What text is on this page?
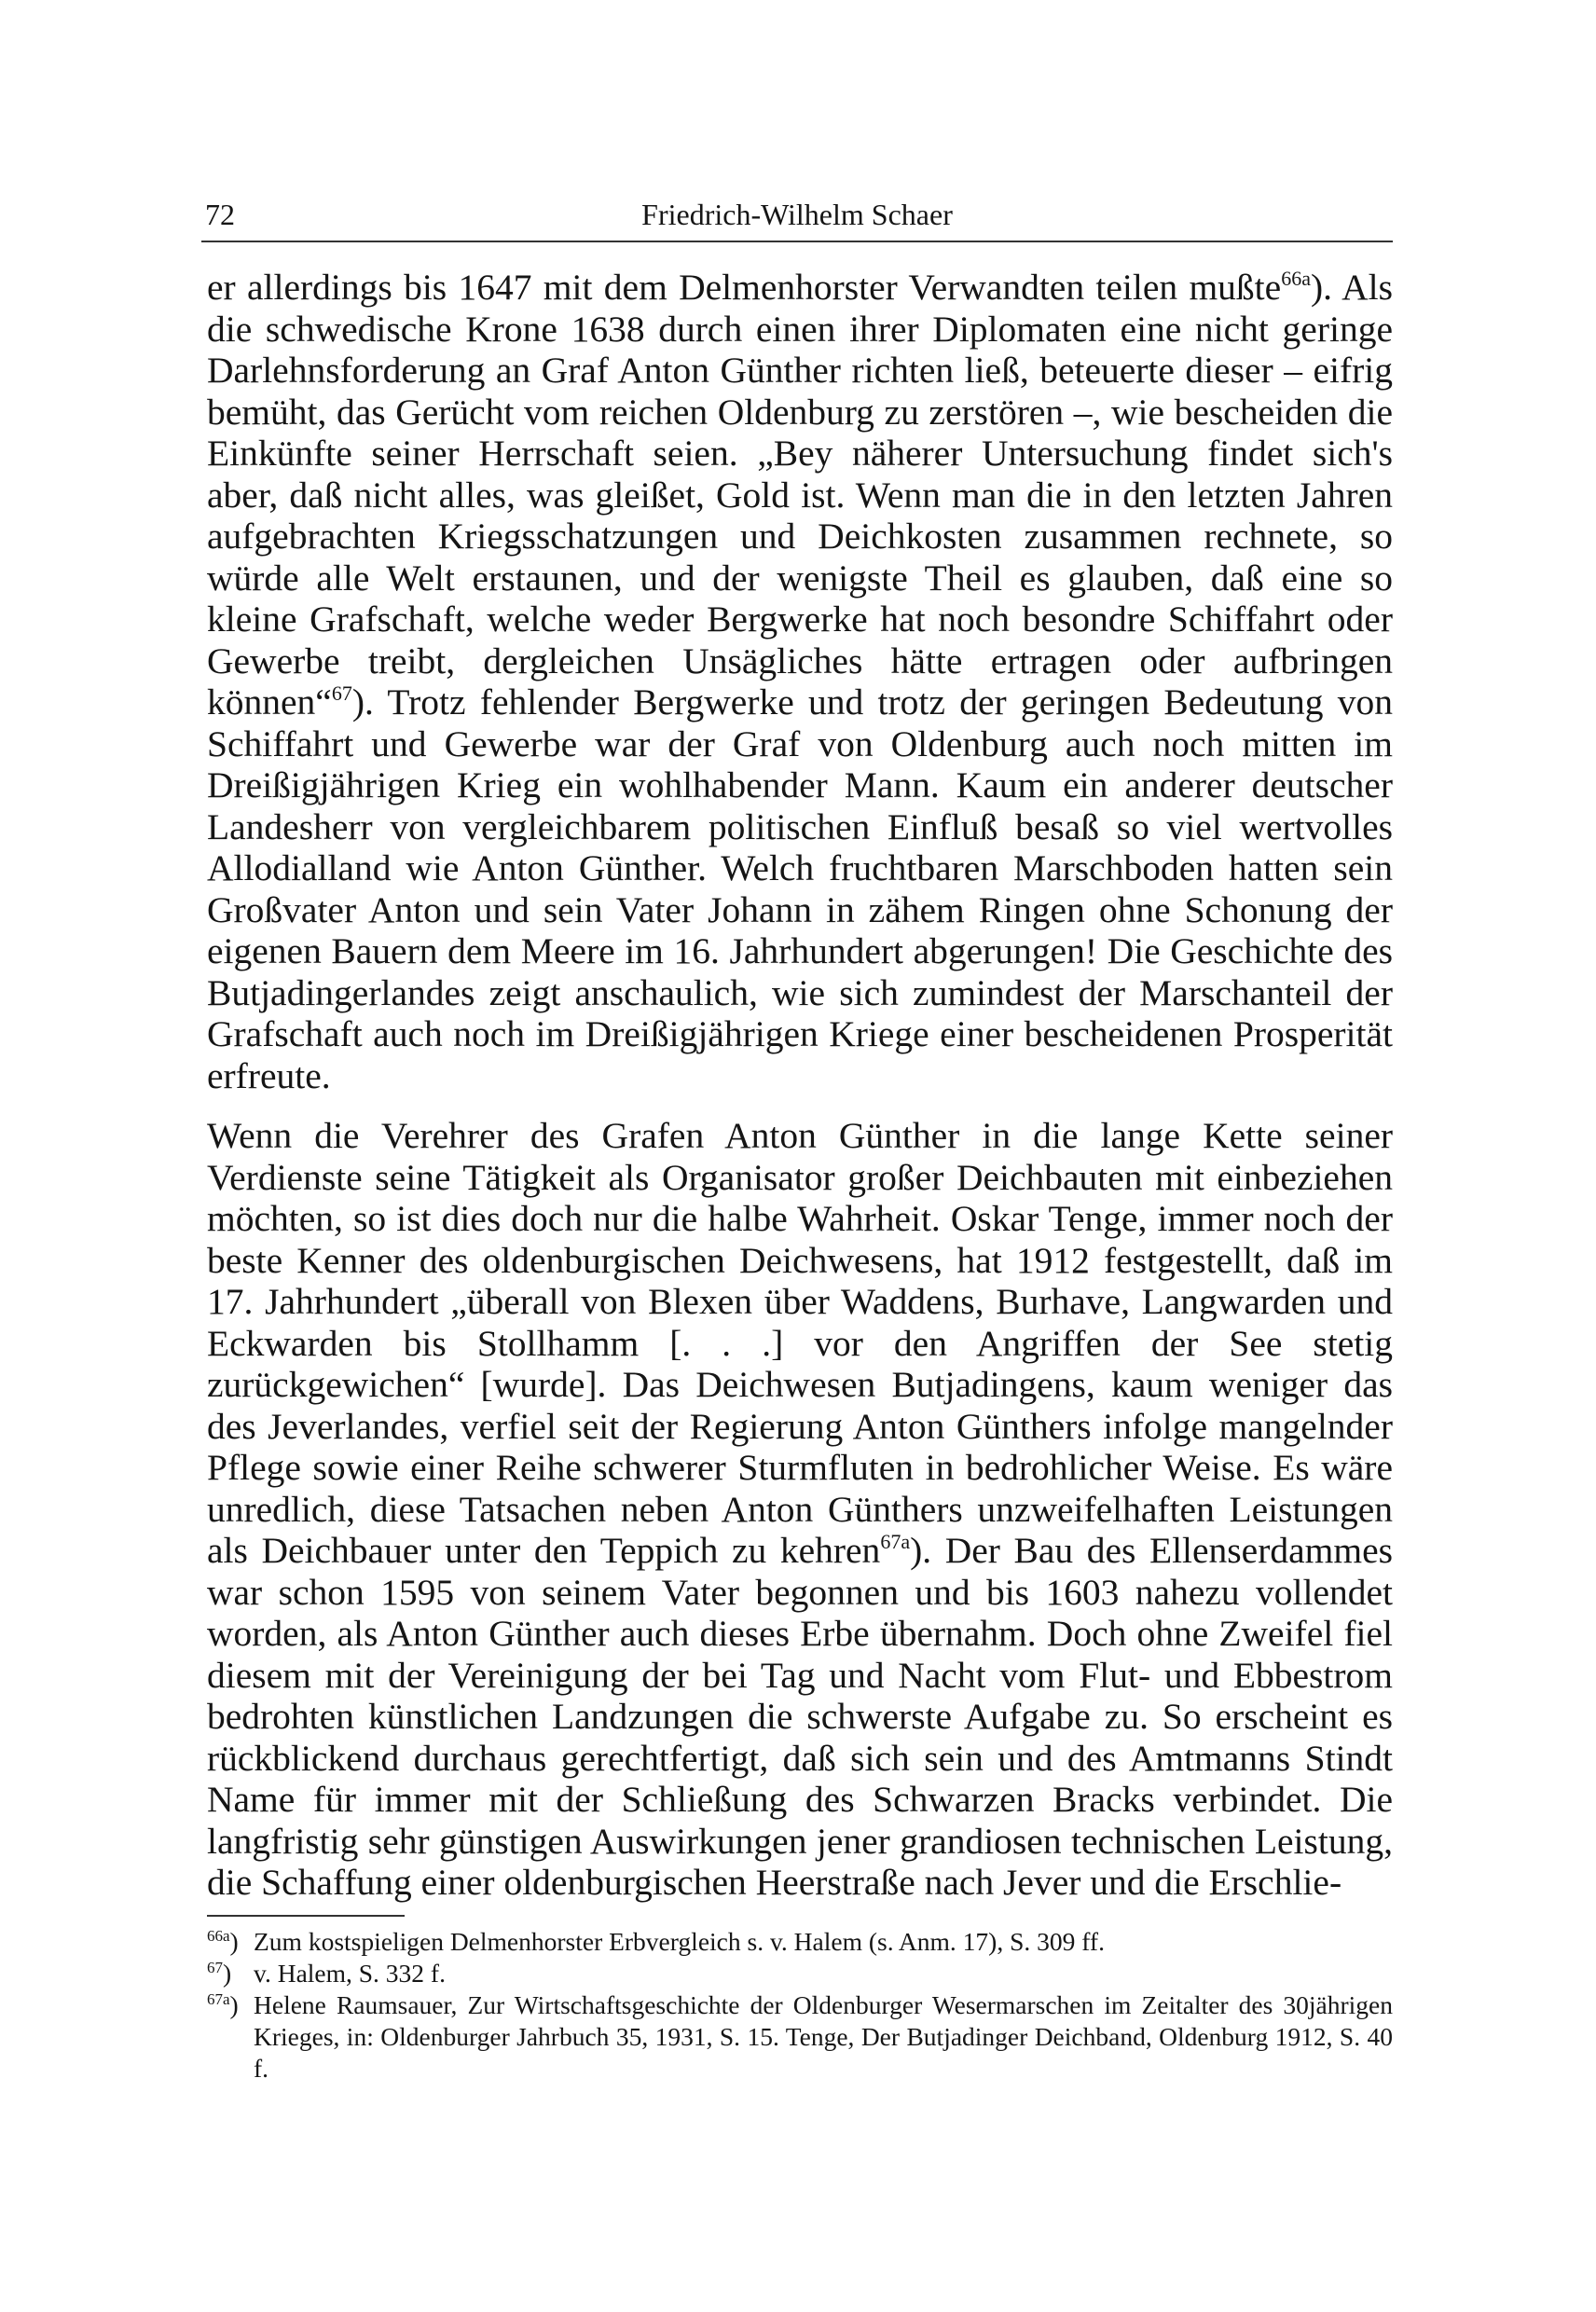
72	Friedrich-Wilhelm Schaer

er allerdings bis 1647 mit dem Delmenhorster Verwandten teilen mußte$^{66a}$). Als die schwedische Krone 1638 durch einen ihrer Diplomaten eine nicht geringe Darlehnsforderung an Graf Anton Günther richten ließ, beteuerte dieser – eifrig bemüht, das Gerücht vom reichen Oldenburg zu zerstören –, wie bescheiden die Einkünfte seiner Herrschaft seien. „Bey näherer Untersuchung findet sich's aber, daß nicht alles, was gleißet, Gold ist. Wenn man die in den letzten Jahren aufgebrachten Kriegsschatzungen und Deichkosten zusammen rechnete, so würde alle Welt erstaunen, und der wenigste Theil es glauben, daß eine so kleine Grafschaft, welche weder Bergwerke hat noch besondre Schiffahrt oder Gewerbe treibt, dergleichen Unsägliches hätte ertragen oder aufbringen können“$^{67}$). Trotz fehlender Bergwerke und trotz der geringen Bedeutung von Schiffahrt und Gewerbe war der Graf von Oldenburg auch noch mitten im Dreißigjährigen Krieg ein wohlhabender Mann. Kaum ein anderer deutscher Landesherr von vergleichbarem politischen Einfluß besaß so viel wertvolles Allodialland wie Anton Günther. Welch fruchtbaren Marschboden hatten sein Großvater Anton und sein Vater Johann in zähem Ringen ohne Schonung der eigenen Bauern dem Meere im 16. Jahrhundert abgerungen! Die Geschichte des Butjadingerlandes zeigt anschaulich, wie sich zumindest der Marschanteil der Grafschaft auch noch im Dreißigjährigen Kriege einer bescheidenen Prosperität erfreute.

Wenn die Verehrer des Grafen Anton Günther in die lange Kette seiner Verdienste seine Tätigkeit als Organisator großer Deichbauten mit einbeziehen möchten, so ist dies doch nur die halbe Wahrheit. Oskar Tenge, immer noch der beste Kenner des oldenburgischen Deichwesens, hat 1912 festgestellt, daß im 17. Jahrhundert „überall von Blexen über Waddens, Burhave, Langwarden und Eckwarden bis Stollhamm [. . .] vor den Angriffen der See stetig zurückgewichen“ [wurde]. Das Deichwesen Butjadingens, kaum weniger das des Jeverlandes, verfiel seit der Regierung Anton Günthers infolge mangelnder Pflege sowie einer Reihe schwerer Sturmfluten in bedrohlicher Weise. Es wäre unredlich, diese Tatsachen neben Anton Günthers unzweifelhaften Leistungen als Deichbauer unter den Teppich zu kehren$^{67a}$). Der Bau des Ellenserdammes war schon 1595 von seinem Vater begonnen und bis 1603 nahezu vollendet worden, als Anton Günther auch dieses Erbe übernahm. Doch ohne Zweifel fiel diesem mit der Vereinigung der bei Tag und Nacht vom Flut- und Ebbestrom bedrohten künstlichen Landzungen die schwerste Aufgabe zu. So erscheint es rückblickend durchaus gerechtfertigt, daß sich sein und des Amtmanns Stindt Name für immer mit der Schließung des Schwarzen Bracks verbindet. Die langfristig sehr günstigen Auswirkungen jener grandiosen technischen Leistung, die Schaffung einer oldenburgischen Heerstraße nach Jever und die Erschlie-

$^{66a}$) Zum kostspieligen Delmenhorster Erbvergleich s. v. Halem (s. Anm. 17), S. 309 ff.
$^{67}$) v. Halem, S. 332 f.
$^{67a}$) Helene Raumsauer, Zur Wirtschaftsgeschichte der Oldenburger Wesermarschen im Zeitalter des 30jährigen Krieges, in: Oldenburger Jahrbuch 35, 1931, S. 15. Tenge, Der Butjadinger Deichband, Oldenburg 1912, S. 40 f.
